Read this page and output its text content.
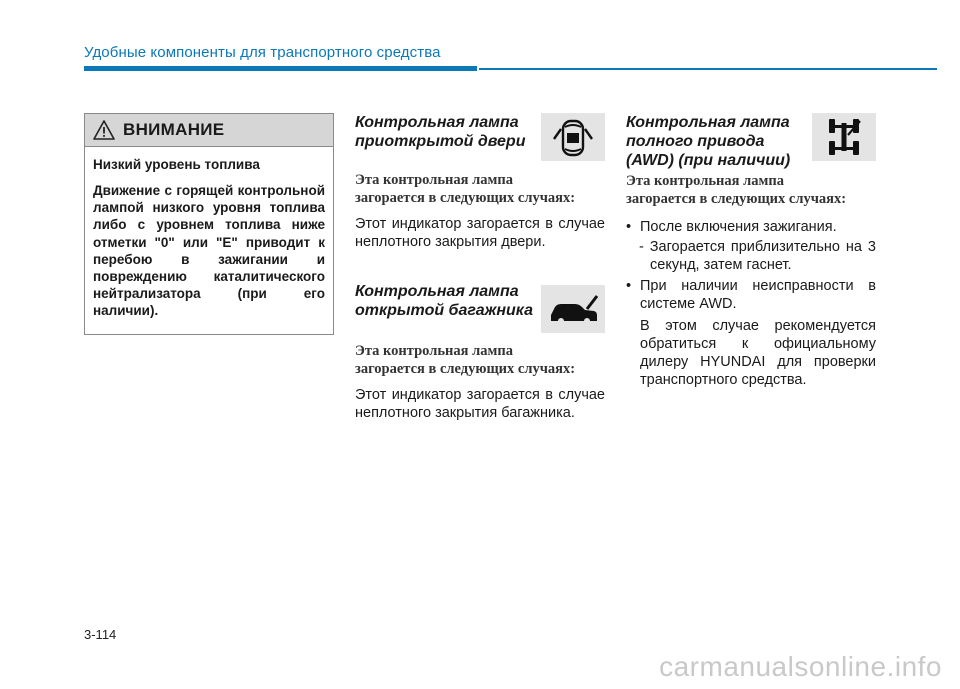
Удобные компоненты для транспортного средства
ВНИМАНИЕ

Низкий уровень топлива

Движение с горящей контрольной лампой низкого уровня топлива либо с уровнем топлива ниже отметки "0" или "E" приводит к перебою в зажигании и повреждению каталитического нейтрализатора (при его наличии).

Контрольная лампа

приоткрытой двери

Эта контрольная лампа

загорается в следующих случаях:

Этот индикатор загорается в случае неплотного закрытия двери.

Контрольная лампа

открытой багажника

Эта контрольная лампа

загорается в следующих случаях:

Этот индикатор загорается в случае неплотного закрытия багажника.

Контрольная лампа

полного привода

(AWD) (при наличии)

Эта контрольная лампа

загорается в следующих случаях:

• После включения зажигания.
- Загорается приблизительно на 3 секунд, затем гаснет.
• При наличии неисправности в системе AWD.

В этом случае рекомендуется обратиться к официальному дилеру HYUNDAI для проверки транспортного средства.

3-114
carmanualsonline.info
